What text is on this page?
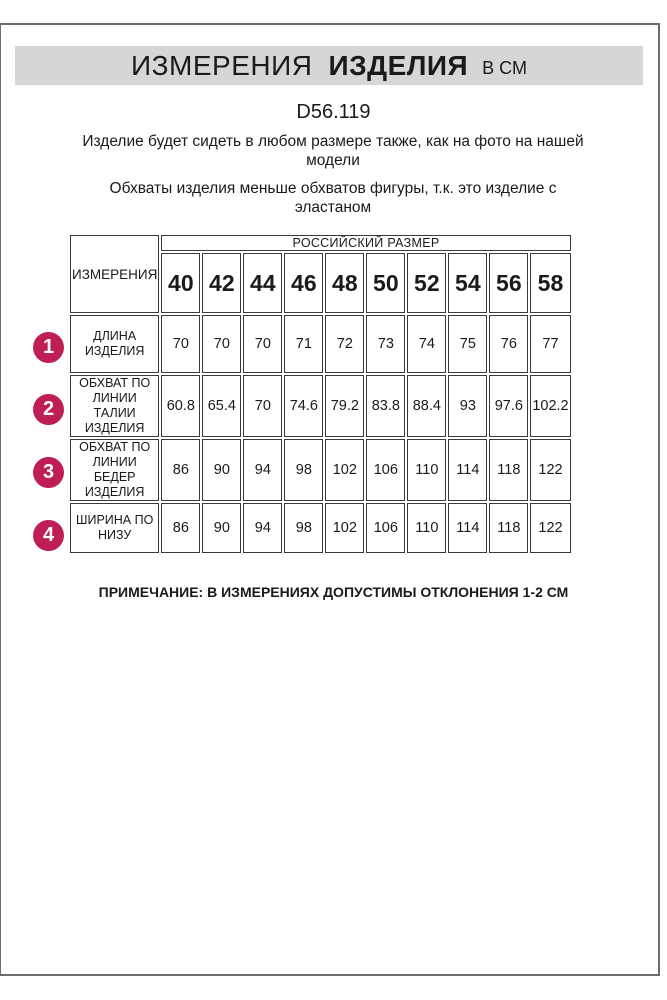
ИЗМЕРЕНИЯ ИЗДЕЛИЯ В СМ
D56.119
Изделие будет сидеть в любом размере также, как на фото на нашей
модели
Обхваты изделия меньше обхватов фигуры, т.к. это изделие с
эластаном
ИЗМЕРЕНИЯ	РОССИЙСКИЙ РАЗМЕР									
	40	42	44	46	48	50	52	54	56	58
ДЛИНА ИЗДЕЛИЯ	70	70	70	71	72	73	74	75	76	77
ОБХВАТ ПО ЛИНИИ ТАЛИИ ИЗДЕЛИЯ	60.8	65.4	70	74.6	79.2	83.8	88.4	93	97.6	102.2
ОБХВАТ ПО ЛИНИИ БЕДЕР ИЗДЕЛИЯ	86	90	94	98	102	106	110	114	118	122
ШИРИНА ПО НИЗУ	86	90	94	98	102	106	110	114	118	122
1
2
3
4
ПРИМЕЧАНИЕ: В ИЗМЕРЕНИЯХ ДОПУСТИМЫ ОТКЛОНЕНИЯ 1-2 СМ
